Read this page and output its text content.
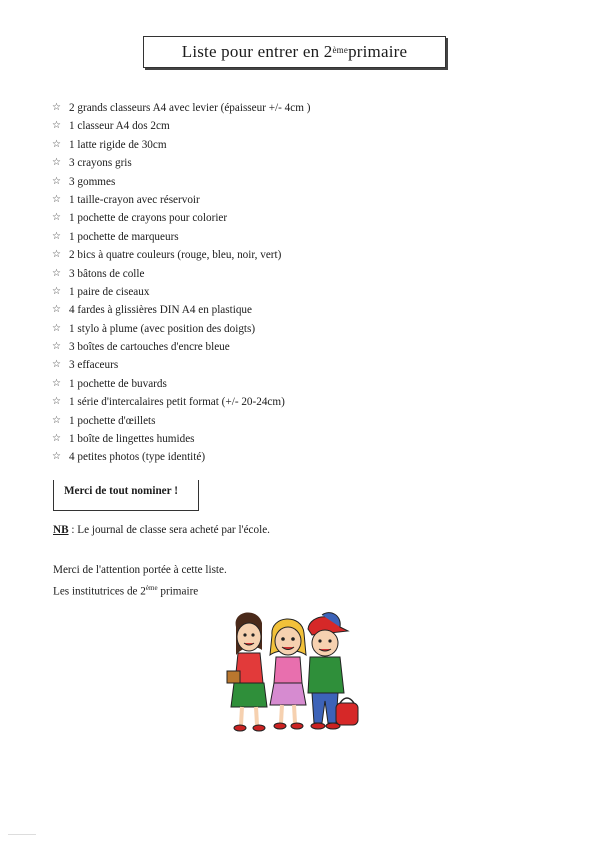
Liste pour entrer en 2ème primaire
☆ 2 grands classeurs A4 avec levier (épaisseur +/- 4cm )
☆ 1 classeur A4 dos 2cm
☆ 1 latte rigide de 30cm
☆ 3 crayons gris
☆ 3 gommes
☆ 1 taille-crayon avec réservoir
☆ 1 pochette de crayons pour colorier
☆ 1 pochette de marqueurs
☆ 2 bics à quatre couleurs (rouge, bleu, noir, vert)
☆ 3 bâtons de colle
☆ 1 paire de ciseaux
☆ 4 fardes à glissières DIN A4 en plastique
☆ 1 stylo à plume (avec position des doigts)
☆ 3 boîtes de cartouches d'encre bleue
☆ 3 effaceurs
☆ 1 pochette de buvards
☆ 1 série d'intercalaires petit format (+/- 20-24cm)
☆ 1 pochette d'œillets
☆ 1 boîte de lingettes humides
☆ 4 petites photos (type identité)
Merci de tout nominer !
NB : Le journal de classe sera acheté par l'école.
Merci de l'attention portée à cette liste.
Les institutrices de 2ème primaire
